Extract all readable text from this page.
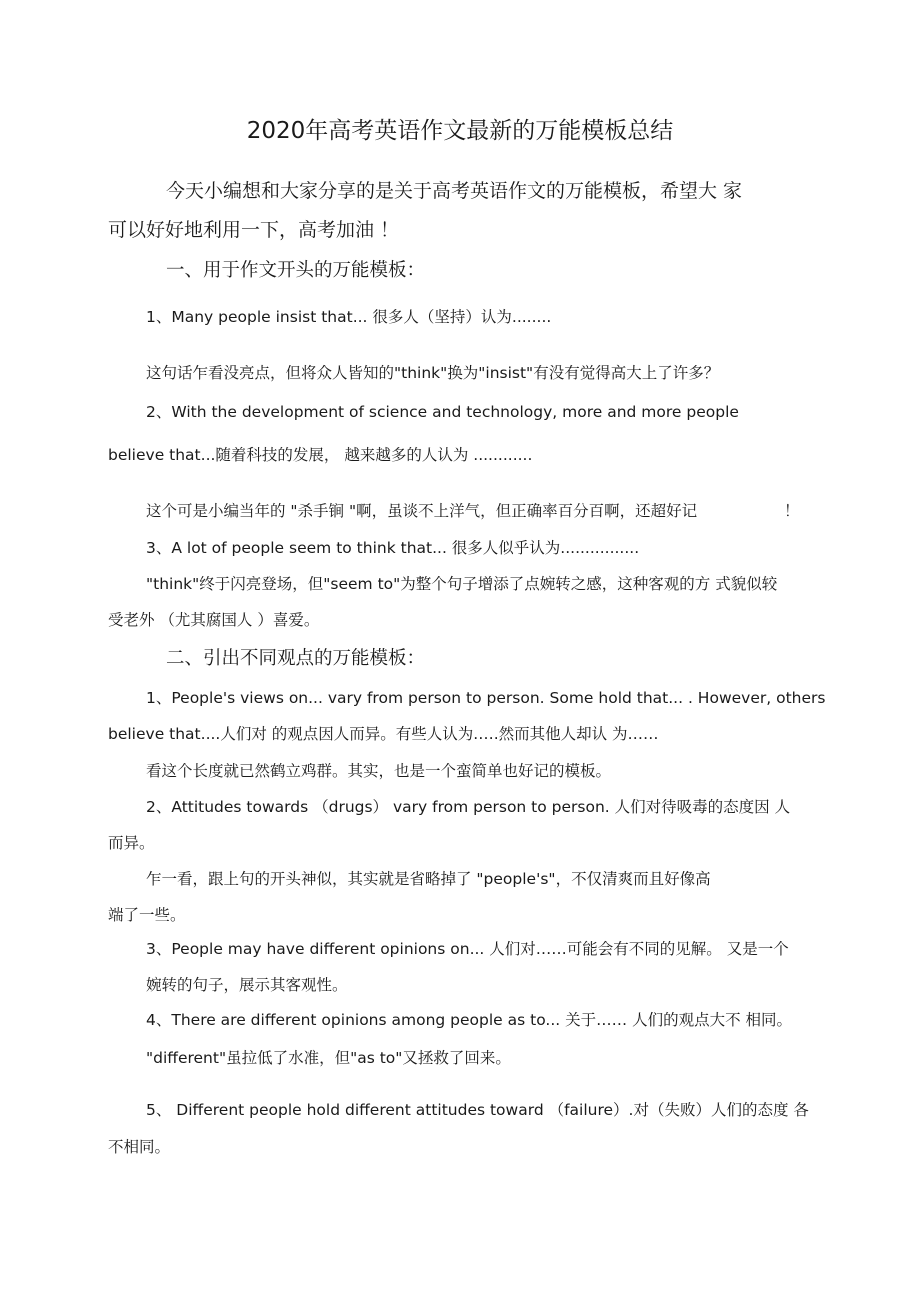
2020年高考英语作文最新的万能模板总结
今天小编想和大家分享的是关于高考英语作文的万能模板，希望大 家
可以好好地利用一下，高考加油 ！
一、用于作文开头的万能模板：
1、Many people insist that... 很多人（坚持）认为........
这句话乍看没亮点，但将众人皆知的"think"换为"insist"有没有觉得高大上了许多？
2、With the development of science and technology, more and more people
believe that...随着科技的发展， 越来越多的人认为 ............
这个可是小编当年的 "杀手锏 "啊，虽谈不上洋气，但正确率百分百啊，还超好记	！
3、A lot of people seem to think that... 很多人似乎认为................
"think"终于闪亮登场，但"seem to"为整个句子增添了点婉转之感，这种客观的方 式貌似较
受老外 （尤其腐国人 ）喜爱。
二、引出不同观点的万能模板：
1、People's views on... vary from person to person. Some hold that... . However, others
believe that....人们对 的观点因人而异。有些人认为.….然而其他人却认 为……
看这个长度就已然鹤立鸡群。其实，也是一个蛮简单也好记的模板。
2、Attitudes towards （drugs） vary from person to person. 人们对待吸毒的态度因 人
而异。
乍一看，跟上句的开头神似，其实就是省略掉了 "people's"，不仅清爽而且好像高
端了一些。
3、People may have different opinions on... 人们对……可能会有不同的见解。 又是一个
婉转的句子，展示其客观性。
4、There are different opinions among people as to... 关于…… 人们的观点大不 相同。
"different"虽拉低了水准，但"as to"又拯救了回来。
5、 Different people hold different attitudes toward （failure）.对（失败）人们的态度 各
不相同。
